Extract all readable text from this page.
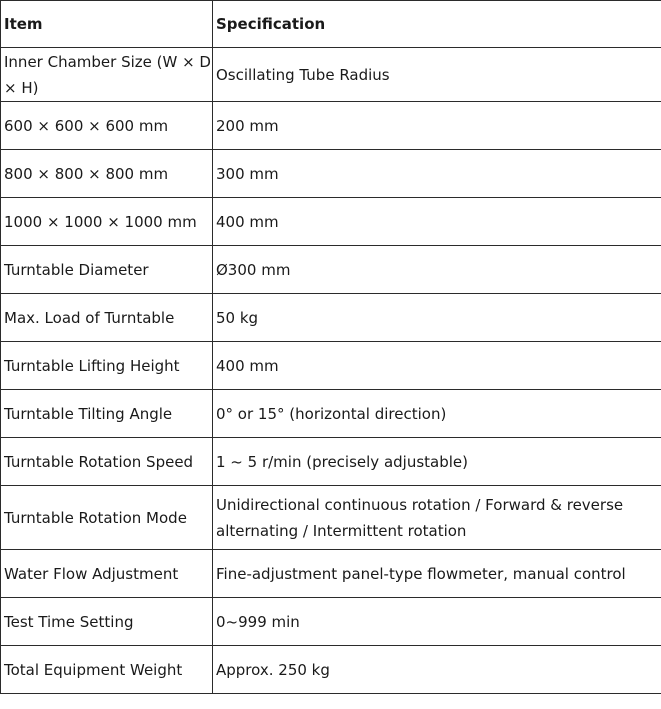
Item	Specification
Inner Chamber Size (W × D × H)	Oscillating Tube Radius
600 × 600 × 600 mm	200 mm
800 × 800 × 800 mm	300 mm
1000 × 1000 × 1000 mm	400 mm
Turntable Diameter	Ø300 mm
Max. Load of Turntable	50 kg
Turntable Lifting Height	400 mm
Turntable Tilting Angle	0° or 15° (horizontal direction)
Turntable Rotation Speed	1 ~ 5 r/min (precisely adjustable)
Turntable Rotation Mode	Unidirectional continuous rotation / Forward & reverse alternating / Intermittent rotation
Water Flow Adjustment	Fine-adjustment panel-type flowmeter, manual control
Test Time Setting	0~999 min
Total Equipment Weight	Approx. 250 kg
